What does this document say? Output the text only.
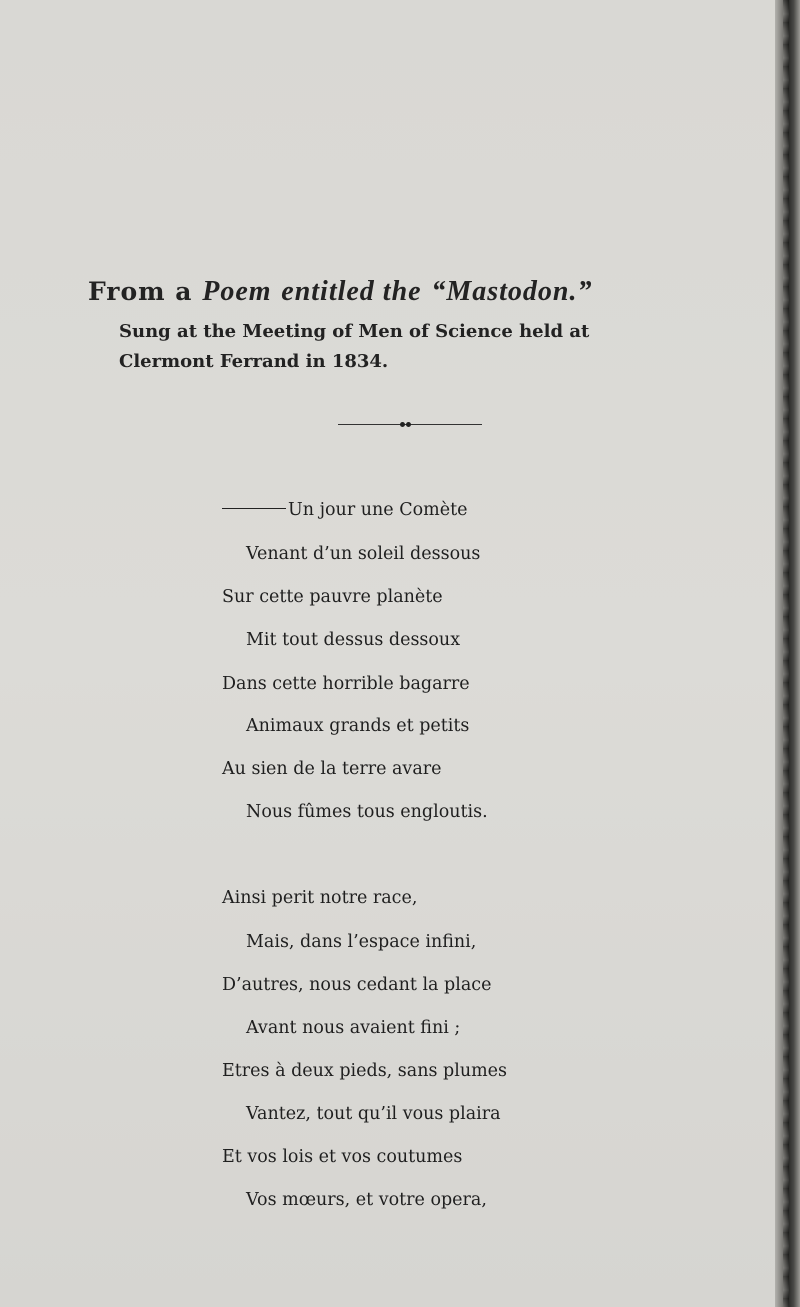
From a Poem entitled the “Mastodon.”
Sung at the Meeting of Men of Science held at
Clermont Ferrand in 1834.
Un jour une Comète
Venant d’un soleil dessous
Sur cette pauvre planète
Mit tout dessus dessoux
Dans cette horrible bagarre
Animaux grands et petits
Au sien de la terre avare
Nous fûmes tous engloutis.
Ainsi perit notre race,
Mais, dans l’espace infini,
D’autres, nous cedant la place
Avant nous avaient fini ;
Etres à deux pieds, sans plumes
Vantez, tout qu’il vous plaira
Et vos lois et vos coutumes
Vos mœurs, et votre opera,
